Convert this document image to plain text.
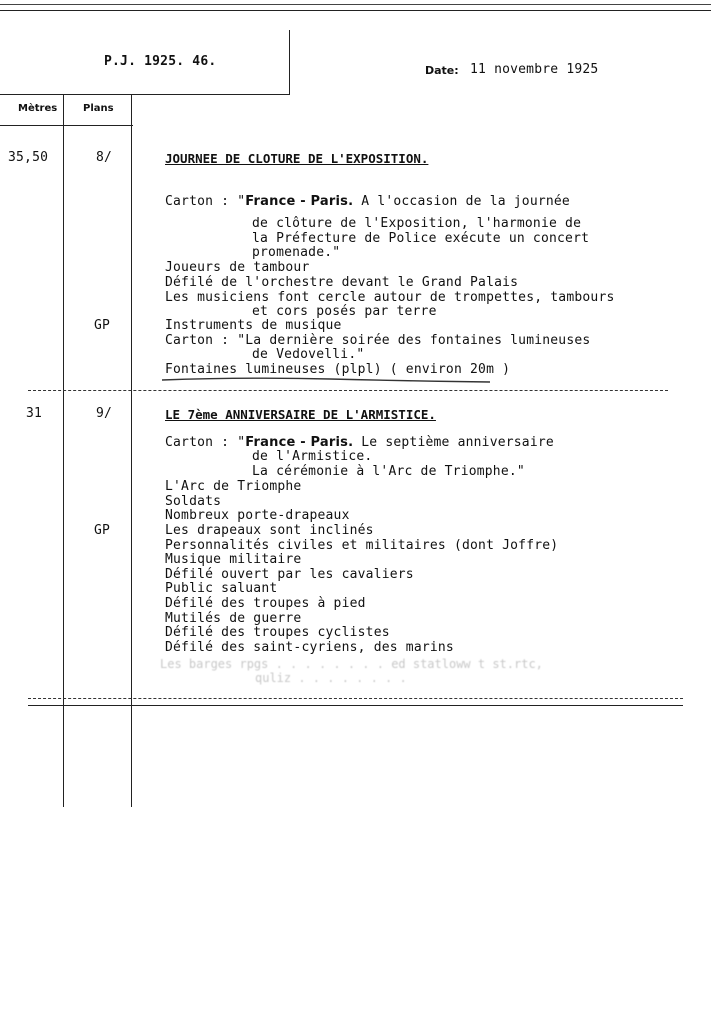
P.J. 1925. 46.
Date: 11 novembre 1925
Mètres	Plans
35,50	8/	JOURNEE DE CLOTURE DE L'EXPOSITION.
Carton : "France - Paris. A l'occasion de la journée
de clôture de l'Exposition, l'harmonie de
la Préfecture de Police exécute un concert
promenade."
Joueurs de tambour
Défilé de l'orchestre devant le Grand Palais
Les musiciens font cercle autour de trompettes, tambours
et cors posés par terre
GP	Instruments de musique
Carton : "La dernière soirée des fontaines lumineuses
de Vedovelli."
Fontaines lumineuses (plpl) ( environ 20m )
31	9/	LE 7ème ANNIVERSAIRE DE L'ARMISTICE.
Carton : "France - Paris. Le septième anniversaire
de l'Armistice.
La cérémonie à l'Arc de Triomphe."
GP
L'Arc de Triomphe
Soldats
Nombreux porte-drapeaux
Les drapeaux sont inclinés
Personnalités civiles et militaires (dont Joffre)
Musique militaire
Défilé ouvert par les cavaliers
Public saluant
Défilé des troupes à pied
Mutilés de guerre
Défilé des troupes cyclistes
Défilé des saint-cyriens, des marins
Les barges rpgs . . . . . . . . ed statloww t st.rtc,
quliz . . . . . . . .
